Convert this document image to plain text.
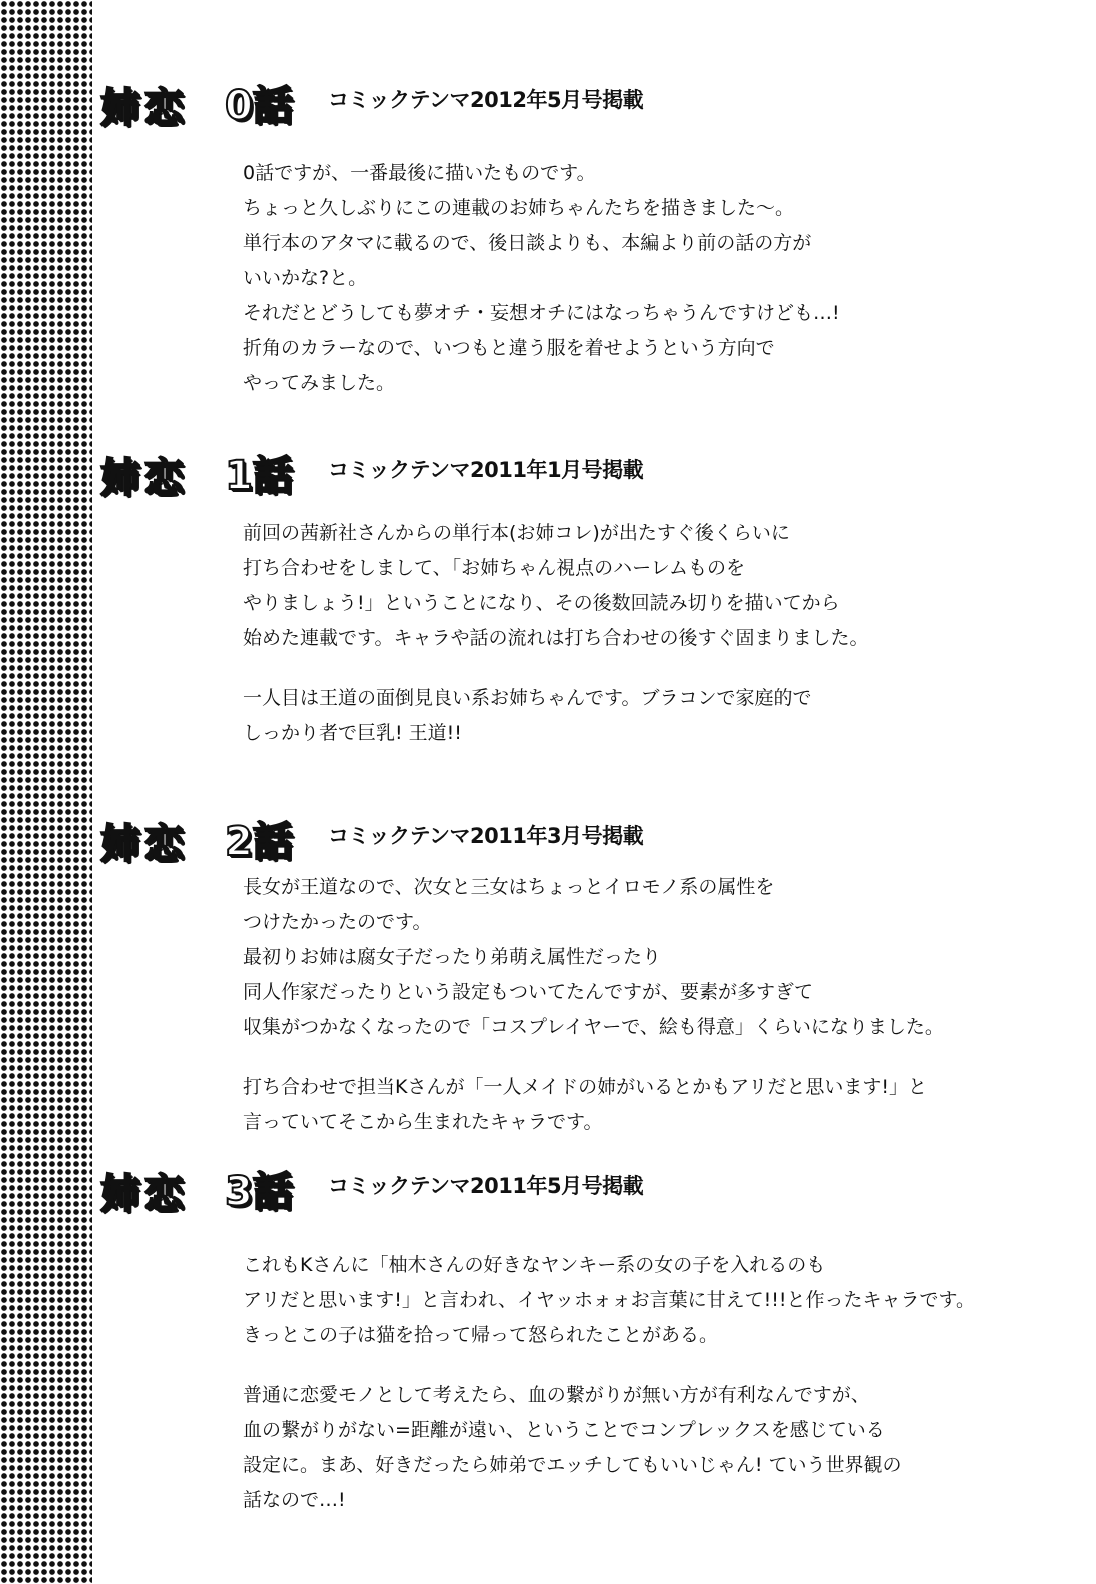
姉恋 0話 コミックテンマ2012年5月号掲載

0話ですが、一番最後に描いたものです。

ちょっと久しぶりにこの連載のお姉ちゃんたちを描きました～。

単行本のアタマに載るので、後日談よりも、本編より前の話の方が

いいかな?と。

それだとどうしても夢オチ・妄想オチにはなっちゃうんですけども…!

折角のカラーなので、いつもと違う服を着せようという方向で

やってみました。

姉恋 1話 コミックテンマ2011年1月号掲載

前回の茜新社さんからの単行本(お姉コレ)が出たすぐ後くらいに

打ち合わせをしまして、「お姉ちゃん視点のハーレムものを

やりましょう!」ということになり、その後数回読み切りを描いてから

始めた連載です。キャラや話の流れは打ち合わせの後すぐ固まりました。

一人目は王道の面倒見良い系お姉ちゃんです。ブラコンで家庭的で

しっかり者で巨乳! 王道!!

姉恋 2話 コミックテンマ2011年3月号掲載

長女が王道なので、次女と三女はちょっとイロモノ系の属性を

つけたかったのです。

最初りお姉は腐女子だったり弟萌え属性だったり

同人作家だったりという設定もついてたんですが、要素が多すぎて

収集がつかなくなったので「コスプレイヤーで、絵も得意」くらいになりました。

打ち合わせで担当Kさんが「一人メイドの姉がいるとかもアリだと思います!」と

言っていてそこから生まれたキャラです。

姉恋 3話 コミックテンマ2011年5月号掲載

これもKさんに「柚木さんの好きなヤンキー系の女の子を入れるのも

アリだと思います!」と言われ、イヤッホォォお言葉に甘えて!!!と作ったキャラです。

きっとこの子は猫を拾って帰って怒られたことがある。

普通に恋愛モノとして考えたら、血の繋がりが無い方が有利なんですが、

血の繋がりがない=距離が遠い、ということでコンプレックスを感じている

設定に。まあ、好きだったら姉弟でエッチしてもいいじゃん! ていう世界観の

話なので…!
